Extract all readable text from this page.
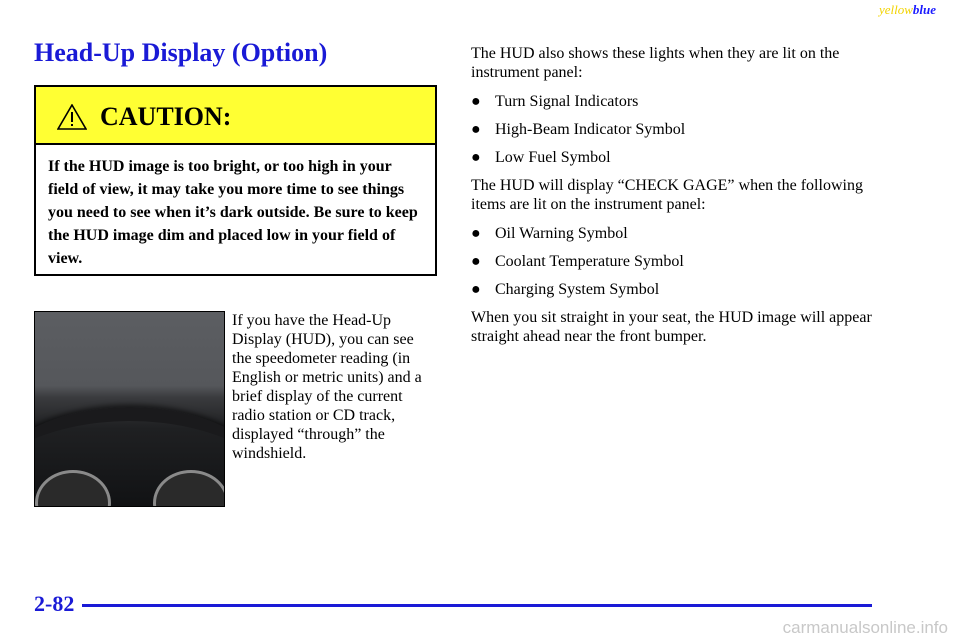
yellowblue
Head-Up Display (Option)
CAUTION:
If the HUD image is too bright, or too high in your field of view, it may take you more time to see things you need to see when it’s dark outside. Be sure to keep the HUD image dim and placed low in your field of view.

If you have the Head-Up Display (HUD), you can see the speedometer reading (in English or metric units) and a brief display of the current radio station or CD track, displayed “through” the windshield.

The HUD also shows these lights when they are lit on the instrument panel:

● Turn Signal Indicators
● High-Beam Indicator Symbol
● Low Fuel Symbol

The HUD will display “CHECK GAGE” when the following items are lit on the instrument panel:

● Oil Warning Symbol
● Coolant Temperature Symbol
● Charging System Symbol

When you sit straight in your seat, the HUD image will appear straight ahead near the front bumper.

2-82
carmanualsonline.info
